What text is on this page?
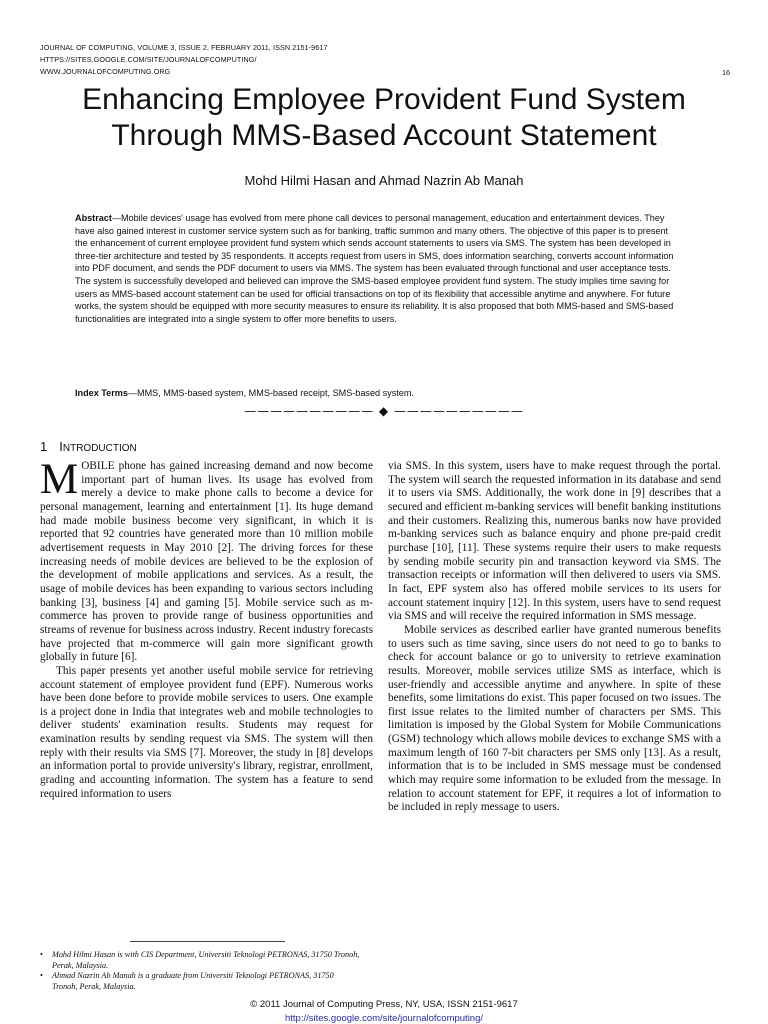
JOURNAL OF COMPUTING, VOLUME 3, ISSUE 2, FEBRUARY 2011, ISSN 2151-9617
HTTPS://SITES.GOOGLE.COM/SITE/JOURNALOFCOMPUTING/
WWW.JOURNALOFCOMPUTING.ORG	16
Enhancing Employee Provident Fund System
Through MMS-Based Account Statement
Mohd Hilmi Hasan and Ahmad Nazrin Ab Manah
Abstract—Mobile devices' usage has evolved from mere phone call devices to personal management, education and entertainment devices. They have also gained interest in customer service system such as for banking, traffic summon and many others. The objective of this paper is to present the enhancement of current employee provident fund system which sends account statements to users via SMS. The system has been developed in three-tier architecture and tested by 35 respondents. It accepts request from users in SMS, does information searching, converts account information into PDF document, and sends the PDF document to users via MMS. The system has been evaluated through functional and user acceptance tests. The system is successfully developed and believed can improve the SMS-based employee provident fund system. The study implies time saving for users as MMS-based account statement can be used for official transactions on top of its flexibility that accessible anytime and anywhere. For future works, the system should be equipped with more security measures to ensure its reliability. It is also proposed that both MMS-based and SMS-based functionalities are integrated into a single system to offer more benefits to users.
Index Terms—MMS, MMS-based system, MMS-based receipt, SMS-based system.
—————————— ◆ ——————————
1 INTRODUCTION

MOBILE phone has gained increasing demand and now become important part of human lives. Its usage has evolved from merely a device to make phone calls to become a device for personal management, learning and entertainment [1]. Its huge demand had made mobile business become very significant, in which it is reported that 92 countries have generated more than 10 million mobile advertisement requests in May 2010 [2]. The driving forces for these increasing needs of mobile devices are believed to be the explosion of the development of mobile applications and services. As a result, the usage of mobile devices has been expanding to various sectors including banking [3], business [4] and gaming [5]. Mobile service such as m-commerce has proven to provide range of business opportunities and streams of revenue for business across industry. Recent industry forecasts have projected that m-commerce will gain more significant growth globally in future [6].

This paper presents yet another useful mobile service for retrieving account statement of employee provident fund (EPF). Numerous works have been done before to provide mobile services to users. One example is a project done in India that integrates web and mobile technologies to deliver students' examination results. Students may request for examination results by sending request via SMS. The system will then reply with their results via SMS [7]. Moreover, the study in [8] develops an information portal to provide university's library, registrar, enrollment, grading and accounting information. The system has a feature to send required information to users

via SMS. In this system, users have to make request through the portal. The system will search the requested information in its database and send it to users via SMS. Additionally, the work done in [9] describes that a secured and efficient m-banking services will benefit banking institutions and their customers. Realizing this, numerous banks now have provided m-banking services such as balance enquiry and phone pre-paid credit purchase [10], [11]. These systems require their users to make requests by sending mobile security pin and transaction keyword via SMS. The transaction receipts or information will then delivered to users via SMS. In fact, EPF system also has offered mobile services to its users for account statement inquiry [12]. In this system, users have to send request via SMS and will receive the required information in SMS message.

Mobile services as described earlier have granted numerous benefits to users such as time saving, since users do not need to go to banks to check for account balance or go to university to retrieve examination results. Moreover, mobile services utilize SMS as interface, which is user-friendly and accessible anytime and anywhere. In spite of these benefits, some limitations do exist. This paper focused on two issues. The first issue relates to the limited number of characters per SMS. This limitation is imposed by the Global System for Mobile Communications (GSM) technology which allows mobile devices to exchange SMS with a maximum length of 160 7-bit characters per SMS only [13]. As a result, information that is to be included in SMS message must be condensed which may require some information to be exluded from the message. In relation to account statement for EPF, it requires a lot of information to be included in reply message to users.

• Mohd Hilmi Hasan is with CIS Department, Universiti Teknologi PETRONAS, 31750 Tronoh, Perak, Malaysia.
• Ahmad Nazrin Ab Manah is a graduate from Universiti Teknologi PETRONAS, 31750 Tronoh, Perak, Malaysia.
© 2011 Journal of Computing Press, NY, USA, ISSN 2151-9617
http://sites.google.com/site/journalofcomputing/
